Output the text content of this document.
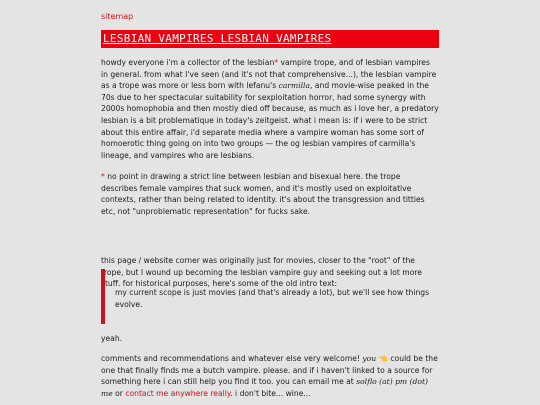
sitemap
LESBIAN VAMPIRES LESBIAN VAMPIRES

howdy everyone i'm a collector of the lesbian* vampire trope, and of lesbian vampires in general. from what I've seen (and it's not that comprehensive...), the lesbian vampire as a trope was more or less born with lefanu's carmilla, and movie-wise peaked in the 70s due to her spectacular suitability for sexploitation horror, had some synergy with 2000s homophobia and then mostly died off because, as much as i love her, a predatory lesbian is a bit problematique in today's zeitgeist. what i mean is: if i were to be strict about this entire affair, i'd separate media where a vampire woman has some sort of homoerotic thing going on into two groups — the og lesbian vampires of carmilla's lineage, and vampires who are lesbians.

* no point in drawing a strict line between lesbian and bisexual here. the trope describes female vampires that suck women, and it's mostly used on exploitative contexts, rather than being related to identity. it's about the transgression and titties etc, not "unproblematic representation" for fucks sake.

this page / website corner was originally just for movies, closer to the "root" of the trope, but I wound up becoming the lesbian vampire guy and seeking out a lot more stuff. for historical purposes, here's some of the old intro text:

my current scope is just movies (and that's already a lot), but we'll see how things evolve.

yeah.

comments and recommendations and whatever else very welcome! you 👈 could be the one that finally finds me a butch vampire. please. and if i haven't linked to a source for something here i can still help you find it too. you can email me at solflo (at) pm (dot) me or contact me anywhere really. i don't bite... wine...
